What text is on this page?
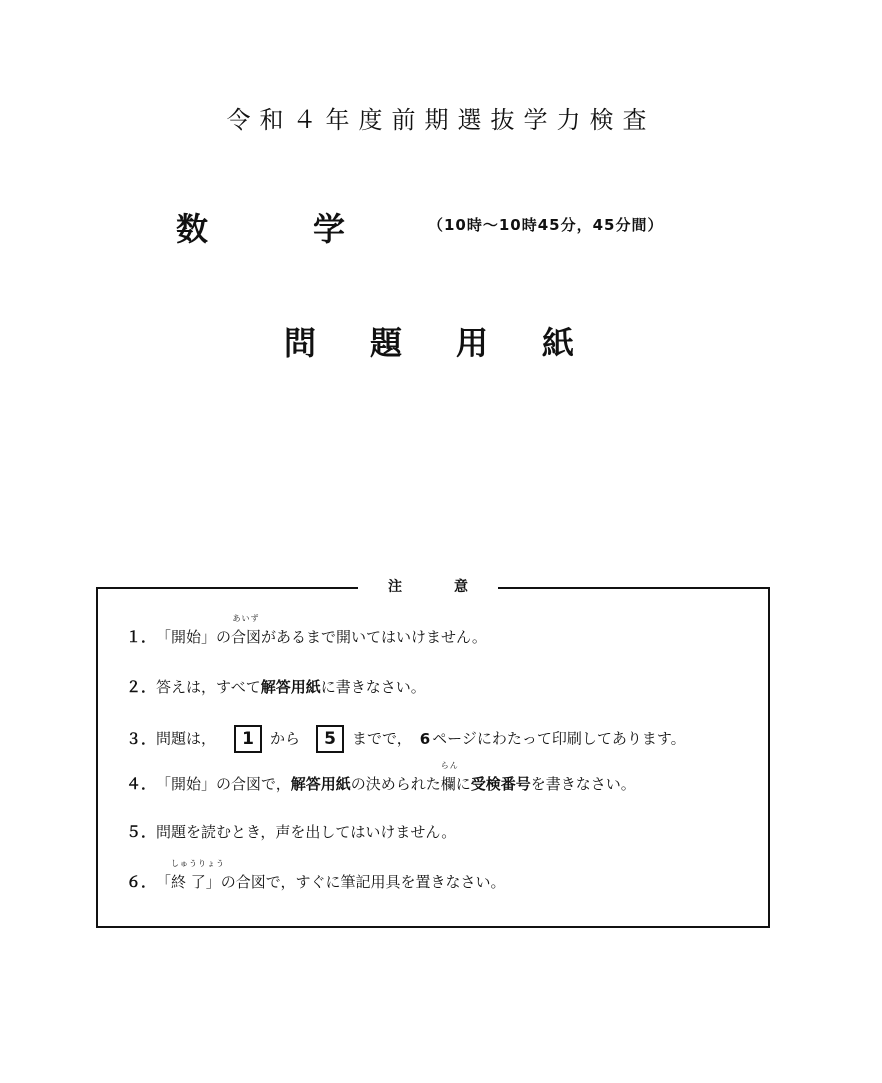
令和４年度前期選抜学力検査
数	学	（10時～10時45分，45分間）
問 題 用 紙
注	意
１．「開始」の
あいず
合図があるまで開いてはいけません。
２．答えは，すべて解答用紙に書きなさい。
３．問題は， 1 から 5 までで， 6 ページにわたって印刷してあります。
４．「開始」の合図で，解答用紙の決められた
らん
欄に受検番号を書きなさい。
５．問題を読むとき，声を出してはいけません。
６．「
しゅうりょう
終 了」の合図で，すぐに筆記用具を置きなさい。
